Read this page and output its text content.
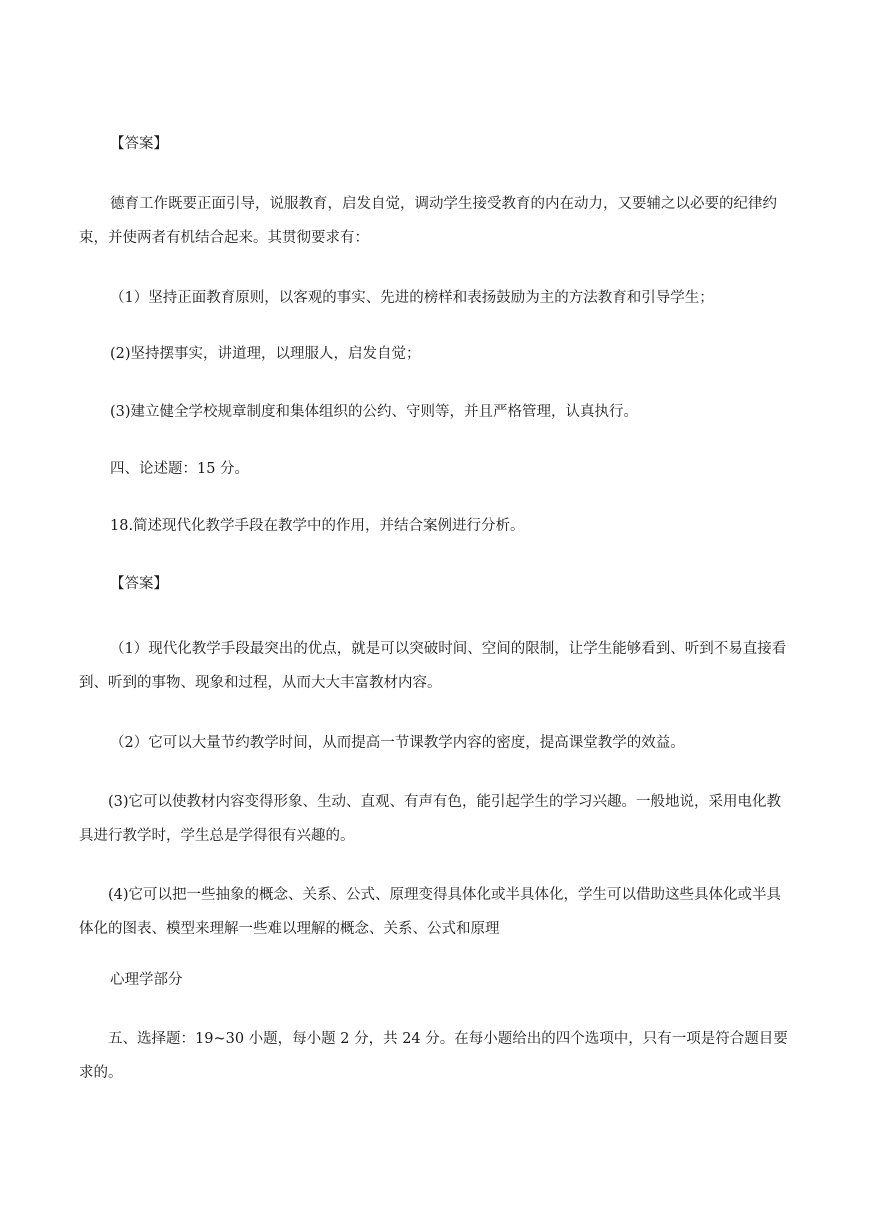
【答案】

德育工作既要正面引导，说服教育，启发自觉，调动学生接受教育的内在动力，又要辅之以必要的纪律约束，并使两者有机结合起来。其贯彻要求有：

（1）坚持正面教育原则，以客观的事实、先进的榜样和表扬鼓励为主的方法教育和引导学生；

(2)坚持摆事实，讲道理，以理服人，启发自觉；

(3)建立健全学校规章制度和集体组织的公约、守则等，并且严格管理，认真执行。

四、论述题：15 分。

18.简述现代化教学手段在教学中的作用，并结合案例进行分析。

【答案】

（1）现代化教学手段最突出的优点，就是可以突破时间、空间的限制，让学生能够看到、听到不易直接看到、听到的事物、现象和过程，从而大大丰富教材内容。

（2）它可以大量节约教学时间，从而提高一节课教学内容的密度，提高课堂教学的效益。

(3)它可以使教材内容变得形象、生动、直观、有声有色，能引起学生的学习兴趣。一般地说，采用电化教具进行教学时，学生总是学得很有兴趣的。

(4)它可以把一些抽象的概念、关系、公式、原理变得具体化或半具体化，学生可以借助这些具体化或半具体化的图表、模型来理解一些难以理解的概念、关系、公式和原理

心理学部分

五、选择题：19~30 小题，每小题 2 分，共 24 分。在每小题给出的四个选项中，只有一项是符合题目要求的。
